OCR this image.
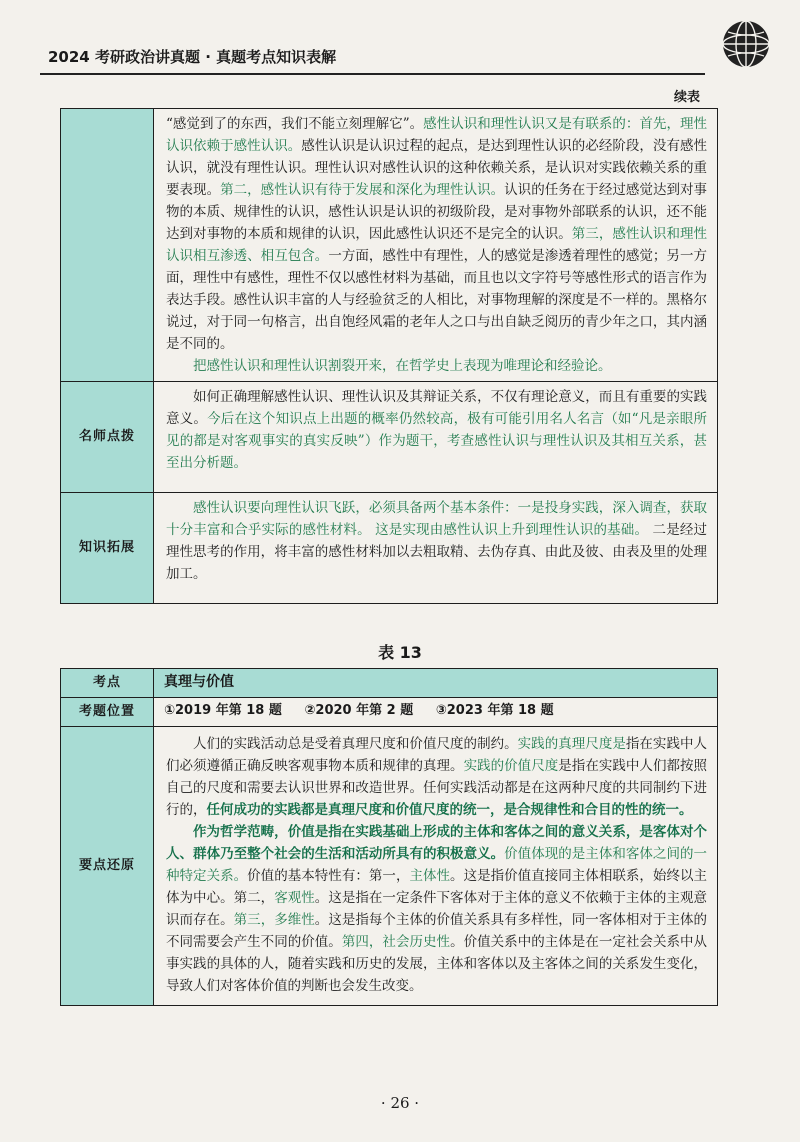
2024 考研政治讲真题 · 真题考点知识表解
续表

	“感觉到了的东西，我们不能立刻理解它”。感性认识和理性认识又是有联系的：首先，理性认识依赖于感性认识。感性认识是认识过程的起点，是达到理性认识的必经阶段，没有感性认识，就没有理性认识。理性认识对感性认识的这种依赖关系，是认识对实践依赖关系的重要表现。第二，感性认识有待于发展和深化为理性认识。认识的任务在于经过感觉达到对事物的本质、规律性的认识，感性认识是认识的初级阶段，是对事物外部联系的认识，还不能达到对事物的本质和规律的认识，因此感性认识还不是完全的认识。第三，感性认识和理性认识相互渗透、相互包含。一方面，感性中有理性，人的感觉是渗透着理性的感觉；另一方面，理性中有感性，理性不仅以感性材料为基础，而且也以文字符号等感性形式的语言作为表达手段。感性认识丰富的人与经验贫乏的人相比，对事物理解的深度是不一样的。黑格尔说过，对于同一句格言，出自饱经风霜的老年人之口与出自缺乏阅历的青少年之口，其内涵是不同的。

把感性认识和理性认识割裂开来，在哲学史上表现为唯理论和经验论。

名师点拨	如何正确理解感性认识、理性认识及其辩证关系，不仅有理论意义，而且有重要的实践意义。今后在这个知识点上出题的概率仍然较高，极有可能引用名人名言（如“凡是亲眼所见的都是对客观事实的真实反映”）作为题干，考查感性认识与理性认识及其相互关系，甚至出分析题。

知识拓展	感性认识要向理性认识飞跃，必须具备两个基本条件：一是投身实践，深入调查，获取十分丰富和合乎实际的感性材料。 这是实现由感性认识上升到理性认识的基础。 二是经过理性思考的作用，将丰富的感性材料加以去粗取精、去伪存真、由此及彼、由表及里的处理加工。

表 13
考点	真理与价值
考题位置	①2019 年第 18 题 ②2020 年第 2 题 ③2023 年第 18 题
要点还原	人们的实践活动总是受着真理尺度和价值尺度的制约。实践的真理尺度是指在实践中人们必须遵循正确反映客观事物本质和规律的真理。实践的价值尺度是指在实践中人们都按照自己的尺度和需要去认识世界和改造世界。任何实践活动都是在这两种尺度的共同制约下进行的，任何成功的实践都是真理尺度和价值尺度的统一，是合规律性和合目的性的统一。

作为哲学范畴，价值是指在实践基础上形成的主体和客体之间的意义关系，是客体对个人、群体乃至整个社会的生活和活动所具有的积极意义。价值体现的是主体和客体之间的一种特定关系。价值的基本特性有：第一，主体性。这是指价值直接同主体相联系，始终以主体为中心。第二，客观性。这是指在一定条件下客体对于主体的意义不依赖于主体的主观意识而存在。第三，多维性。这是指每个主体的价值关系具有多样性，同一客体相对于主体的不同需要会产生不同的价值。第四，社会历史性。价值关系中的主体是在一定社会关系中从事实践的具体的人，随着实践和历史的发展，主体和客体以及主客体之间的关系发生变化，导致人们对客体价值的判断也会发生改变。

· 26 ·
